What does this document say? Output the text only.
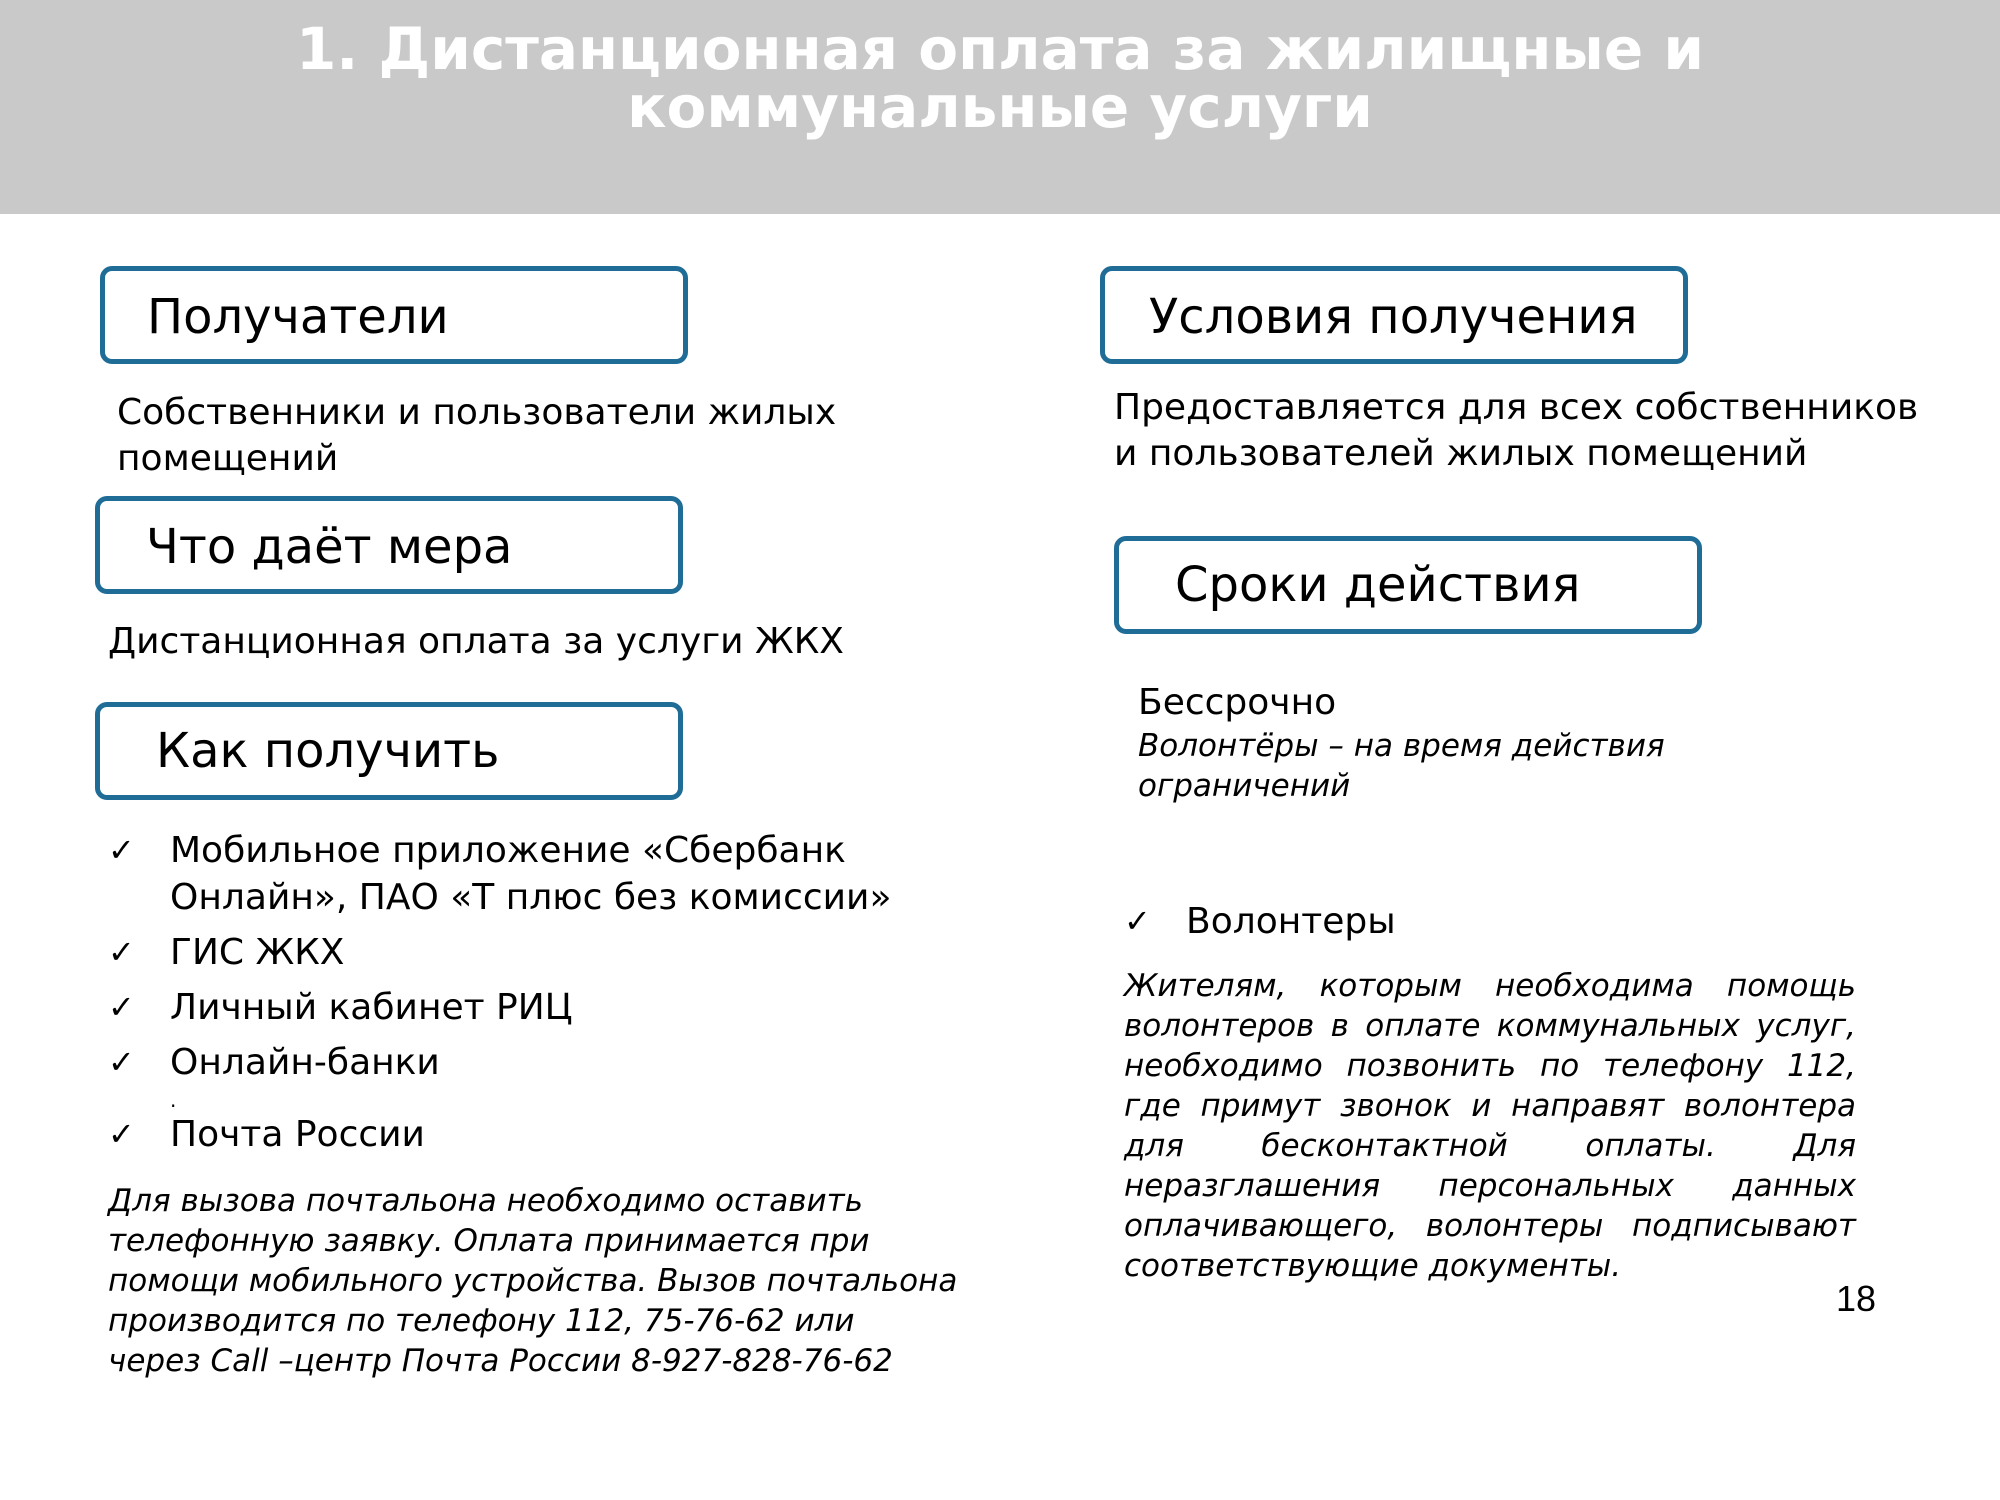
1. Дистанционная оплата за жилищные и
коммунальные услуги
Получатели
Собственники и пользователи жилых
помещений
Что даёт мера
Дистанционная оплата за услуги ЖКХ
Как получить
✓ Мобильное приложение «Сбербанк
Онлайн», ПАО «Т плюс без комиссии»
✓ ГИС ЖКХ
✓ Личный кабинет РИЦ
✓ Онлайн-банки
✓ Почта России
.
Для вызова почтальона необходимо оставить
телефонную заявку. Оплата принимается при
помощи мобильного устройства. Вызов почтальона
производится по телефону 112, 75-76-62 или
через Call –центр Почта России 8-927-828-76-62
Условия получения
Предоставляется для всех собственников
и пользователей жилых помещений
Сроки действия
Бессрочно
Волонтёры – на время действия
ограничений
✓ Волонтеры
Жителям, которым необходима помощь волонтеров в оплате коммунальных услуг, необходимо позвонить по телефону 112, где примут звонок и направят волонтера для бесконтактной оплаты. Для неразглашения персональных данных оплачивающего, волонтеры подписывают соответствующие документы.
18
